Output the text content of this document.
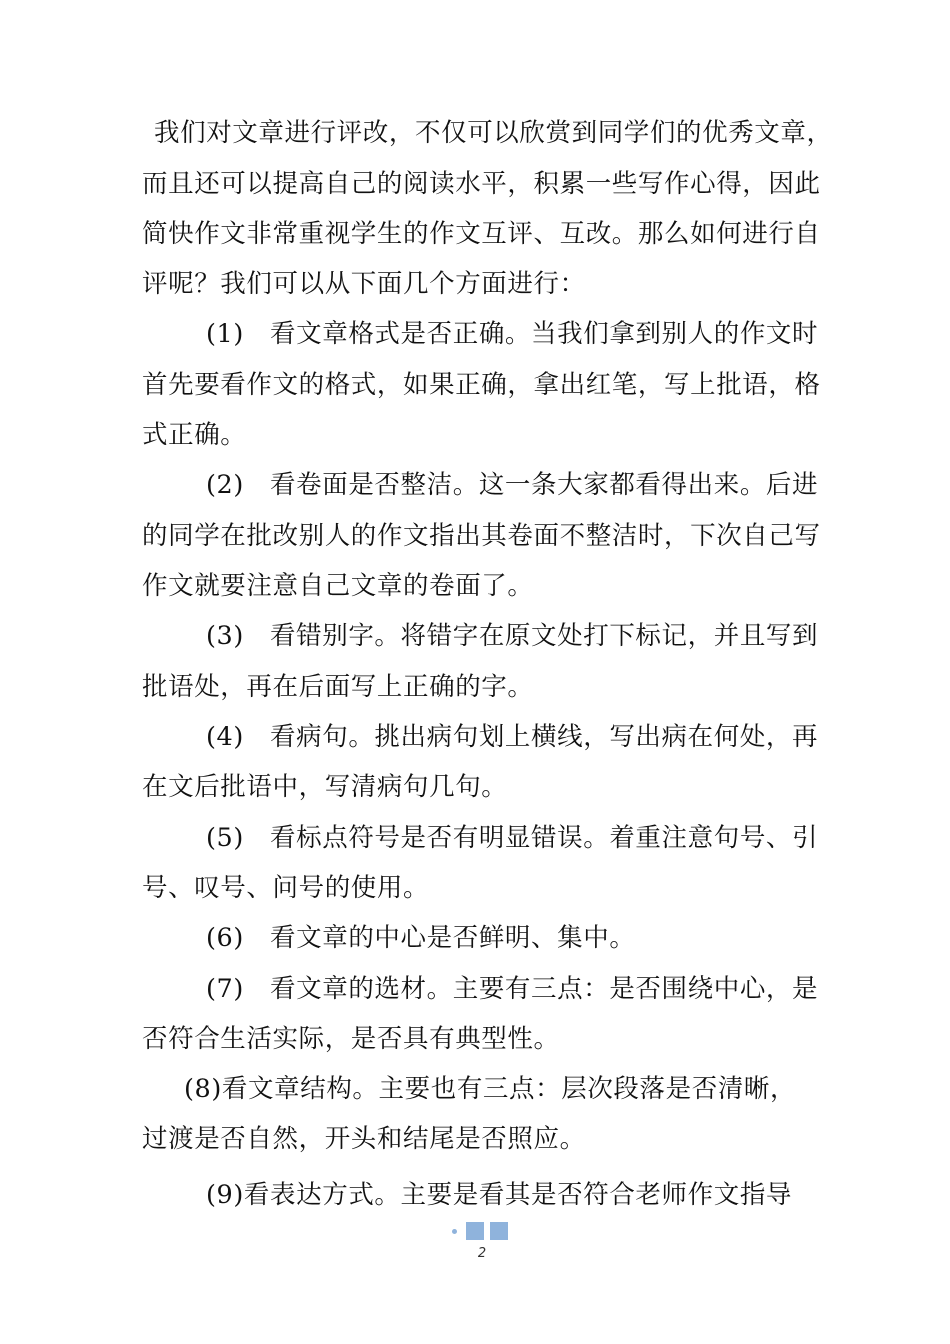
我们对文章进行评改，不仅可以欣赏到同学们的优秀文章，
而且还可以提高自己的阅读水平，积累一些写作心得，因此
简快作文非常重视学生的作文互评、互改。那么如何进行自
评呢？我们可以从下面几个方面进行：
(1)　看文章格式是否正确。当我们拿到别人的作文时
首先要看作文的格式，如果正确，拿出红笔，写上批语，格
式正确。
(2)　看卷面是否整洁。这一条大家都看得出来。后进
的同学在批改别人的作文指出其卷面不整洁时，下次自己写
作文就要注意自己文章的卷面了。
(3)　看错别字。将错字在原文处打下标记，并且写到
批语处，再在后面写上正确的字。
(4)　看病句。挑出病句划上横线，写出病在何处，再
在文后批语中，写清病句几句。
(5)　看标点符号是否有明显错误。着重注意句号、引
号、叹号、问号的使用。
(6)　看文章的中心是否鲜明、集中。
(7)　看文章的选材。主要有三点：是否围绕中心，是
否符合生活实际，是否具有典型性。
(8)看文章结构。主要也有三点：层次段落是否清晰，
过渡是否自然，开头和结尾是否照应。
(9)看表达方式。主要是看其是否符合老师作文指导
2
